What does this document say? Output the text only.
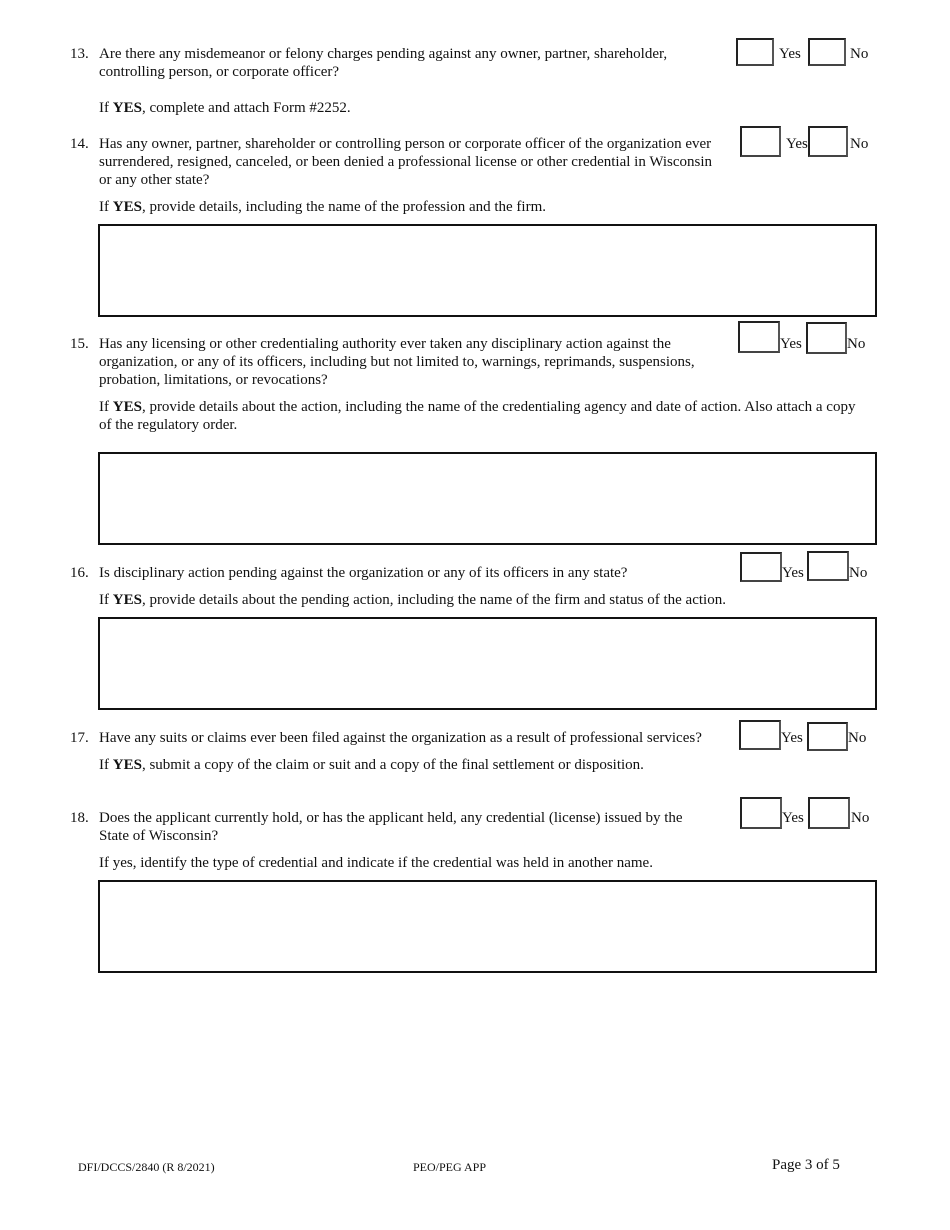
13. Are there any misdemeanor or felony charges pending against any owner, partner, shareholder, controlling person, or corporate officer?
Yes	No
If YES, complete and attach Form #2252.
14. Has any owner, partner, shareholder or controlling person or corporate officer of the organization ever surrendered, resigned, canceled, or been denied a professional license or other credential in Wisconsin or any other state?
Yes	No
If YES, provide details, including the name of the profession and the firm.
15. Has any licensing or other credentialing authority ever taken any disciplinary action against the organization, or any of its officers, including but not limited to, warnings, reprimands, suspensions, probation, limitations, or revocations?
Yes	No
If YES, provide details about the action, including the name of the credentialing agency and date of action. Also attach a copy of the regulatory order.
16. Is disciplinary action pending against the organization or any of its officers in any state?	Yes	No
If YES, provide details about the pending action, including the name of the firm and status of the action.
17. Have any suits or claims ever been filed against the organization as a result of professional services?	Yes	No
If YES, submit a copy of the claim or suit and a copy of the final settlement or disposition.
18. Does the applicant currently hold, or has the applicant held, any credential (license) issued by the State of Wisconsin?
Yes	No
If yes, identify the type of credential and indicate if the credential was held in another name.
DFI/DCCS/2840 (R 8/2021)	PEO/PEG APP	Page 3 of 5
